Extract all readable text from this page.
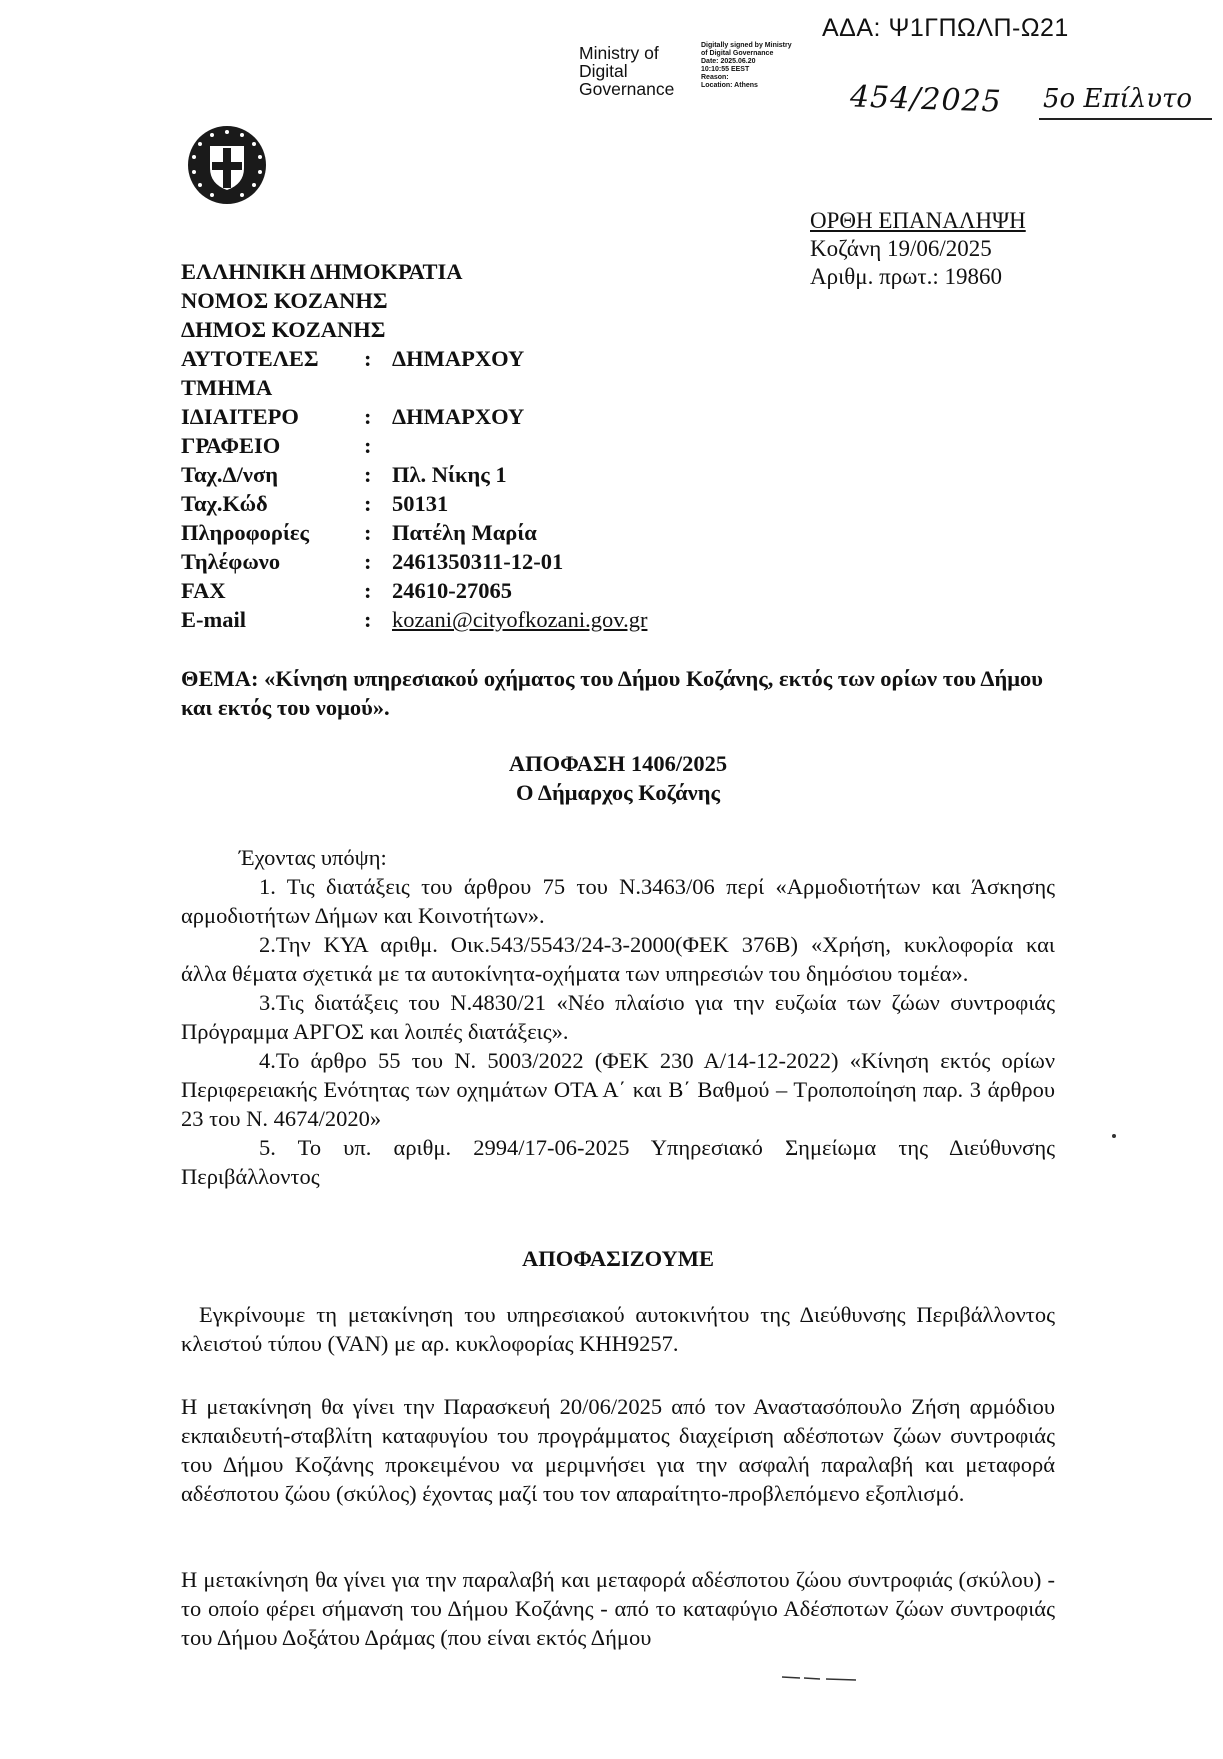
ΑΔΑ: Ψ1ΓΠΩΛΠ-Ω21
Ministry of
Digital
Governance
Digitally signed by Ministry
of Digital Governance
Date: 2025.06.20
10:10:55 EEST
Reason:
Location: Athens	454/2025 5ο Επίλυτο
ΟΡΘΗ ΕΠΑΝΑΛΗΨΗ
Κοζάνη 19/06/2025
Αριθμ. πρωτ.: 19860
ΕΛΛΗΝΙΚΗ ΔΗΜΟΚΡΑΤΙΑ
ΝΟΜΟΣ ΚΟΖΑΝΗΣ
ΔΗΜΟΣ ΚΟΖΑΝΗΣ
ΑΥΤΟΤΕΛΕΣ	: ΔΗΜΑΡΧΟΥ
ΤΜΗΜΑ
ΙΔΙΑΙΤΕΡΟ	: ΔΗΜΑΡΧΟΥ
ΓΡΑΦΕΙΟ	:
Ταχ.Δ/νση	: Πλ. Νίκης 1
Ταχ.Κώδ	: 50131
Πληροφορίες	: Πατέλη Μαρία
Τηλέφωνο	: 2461350311-12-01
FAX	: 24610-27065
E-mail	: kozani@cityofkozani.gov.gr
ΘΕΜΑ: «Κίνηση υπηρεσιακού οχήματος του Δήμου Κοζάνης, εκτός των ορίων του Δήμου και εκτός του νομού».
ΑΠΟΦΑΣΗ 1406/2025
Ο Δήμαρχος Κοζάνης

Έχοντας υπόψη:

1. Τις διατάξεις του άρθρου 75 του Ν.3463/06 περί «Αρμοδιοτήτων και Άσκησης αρμοδιοτήτων Δήμων και Κοινοτήτων».

2.Την ΚΥΑ αριθμ. Οικ.543/5543/24-3-2000(ΦΕΚ 376Β) «Χρήση, κυκλοφορία και άλλα θέματα σχετικά με τα αυτοκίνητα-οχήματα των υπηρεσιών του δημόσιου τομέα».

3.Τις διατάξεις του Ν.4830/21 «Νέο πλαίσιο για την ευζωία των ζώων συντροφιάς Πρόγραμμα ΑΡΓΟΣ και λοιπές διατάξεις».

4.Το άρθρο 55 του Ν. 5003/2022 (ΦΕΚ 230 Α/14-12-2022) «Κίνηση εκτός ορίων Περιφερειακής Ενότητας των οχημάτων ΟΤΑ Α΄ και Β΄ Βαθμού – Τροποποίηση παρ. 3 άρθρου 23 του Ν. 4674/2020»

5. Το υπ. αριθμ. 2994/17-06-2025 Υπηρεσιακό Σημείωμα της Διεύθυνσης Περιβάλλοντος

ΑΠΟΦΑΣΙΖΟΥΜΕ

Εγκρίνουμε τη μετακίνηση του υπηρεσιακού αυτοκινήτου της Διεύθυνσης Περιβάλλοντος κλειστού τύπου (VAN) με αρ. κυκλοφορίας ΚΗΗ9257.

Η μετακίνηση θα γίνει την Παρασκευή 20/06/2025 από τον Αναστασόπουλο Ζήση αρμόδιου εκπαιδευτή-σταβλίτη καταφυγίου του προγράμματος διαχείριση αδέσποτων ζώων συντροφιάς του Δήμου Κοζάνης προκειμένου να μεριμνήσει για την ασφαλή παραλαβή και μεταφορά αδέσποτου ζώου (σκύλος) έχοντας μαζί του τον απαραίτητο-προβλεπόμενο εξοπλισμό.

Η μετακίνηση θα γίνει για την παραλαβή και μεταφορά αδέσποτου ζώου συντροφιάς (σκύλου) - το οποίο φέρει σήμανση του Δήμου Κοζάνης - από το καταφύγιο Αδέσποτων ζώων συντροφιάς του Δήμου Δοξάτου Δράμας (που είναι εκτός Δήμου
